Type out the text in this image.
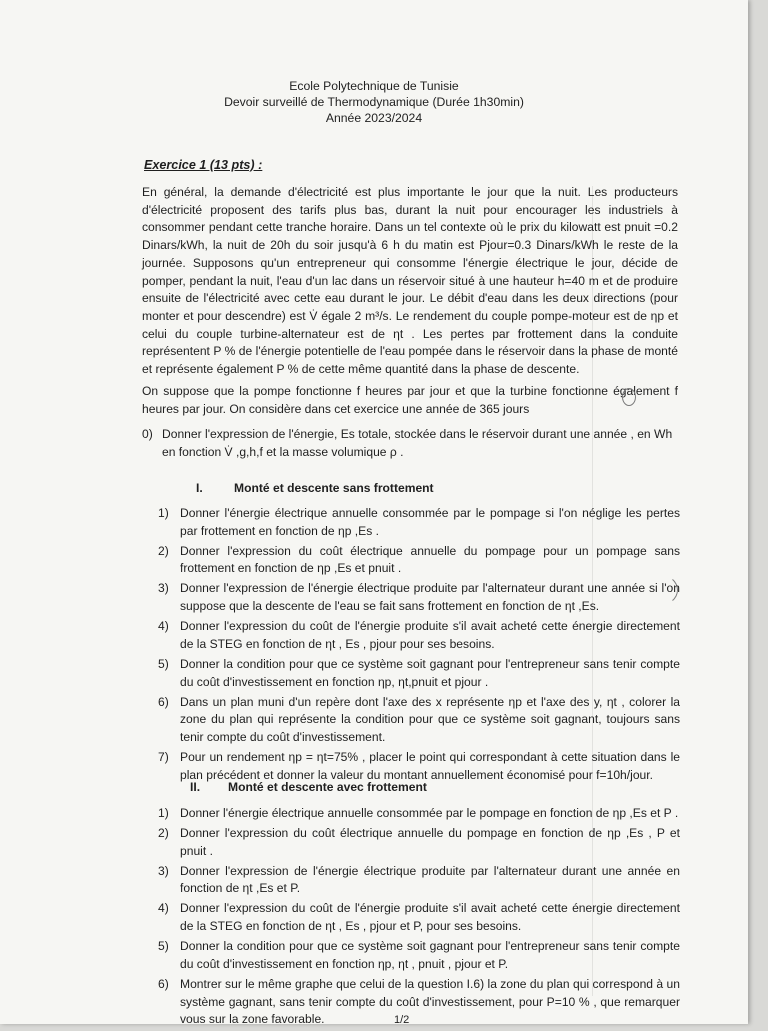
Ecole Polytechnique de Tunisie
Devoir surveillé de Thermodynamique (Durée 1h30min)
Année 2023/2024
Exercice 1 (13 pts) :
En général, la demande d'électricité est plus importante le jour que la nuit. Les producteurs d'électricité proposent des tarifs plus bas, durant la nuit pour encourager les industriels à consommer pendant cette tranche horaire. Dans un tel contexte où le prix du kilowatt est pnuit =0.2 Dinars/kWh, la nuit de 20h du soir jusqu'à 6 h du matin est Pjour=0.3 Dinars/kWh le reste de la journée. Supposons qu'un entrepreneur qui consomme l'énergie électrique le jour, décide de pomper, pendant la nuit, l'eau d'un lac dans un réservoir situé à une hauteur h=40 m et de produire ensuite de l'électricité avec cette eau durant le jour. Le débit d'eau dans les deux directions (pour monter et pour descendre) est V̇ égale 2 m³/s. Le rendement du couple pompe-moteur est de ηp et celui du couple turbine-alternateur est de ηt . Les pertes par frottement dans la conduite représentent P % de l'énergie potentielle de l'eau pompée dans le réservoir dans la phase de monté et représente également P % de cette même quantité dans la phase de descente.
On suppose que la pompe fonctionne f heures par jour et que la turbine fonctionne également f heures par jour. On considère dans cet exercice une année de 365 jours
0) Donner l'expression de l'énergie, Es totale, stockée dans le réservoir durant une année , en Wh en fonction V̇ ,g,h,f et la masse volumique ρ .
I.	Monté et descente sans frottement
1) Donner l'énergie électrique annuelle consommée par le pompage si l'on néglige les pertes par frottement en fonction de ηp ,Es .
2) Donner l'expression du coût électrique annuelle du pompage pour un pompage sans frottement en fonction de ηp ,Es et pnuit .
3) Donner l'expression de l'énergie électrique produite par l'alternateur durant une année si l'on suppose que la descente de l'eau se fait sans frottement en fonction de ηt ,Es.
4) Donner l'expression du coût de l'énergie produite s'il avait acheté cette énergie directement de la STEG en fonction de ηt , Es , pjour pour ses besoins.
5) Donner la condition pour que ce système soit gagnant pour l'entrepreneur sans tenir compte du coût d'investissement en fonction ηp, ηt,pnuit et pjour .
6) Dans un plan muni d'un repère dont l'axe des x représente ηp et l'axe des y, ηt , colorer la zone du plan qui représente la condition pour que ce système soit gagnant, toujours sans tenir compte du coût d'investissement.
7) Pour un rendement ηp = ηt=75% , placer le point qui correspondant à cette situation dans le plan précédent et donner la valeur du montant annuellement économisé pour f=10h/jour.
II. Monté et descente avec frottement
1) Donner l'énergie électrique annuelle consommée par le pompage en fonction de ηp ,Es et P .
2) Donner l'expression du coût électrique annuelle du pompage en fonction de ηp ,Es , P et pnuit .
3) Donner l'expression de l'énergie électrique produite par l'alternateur durant une année en fonction de ηt ,Es et P.
4) Donner l'expression du coût de l'énergie produite s'il avait acheté cette énergie directement de la STEG en fonction de ηt , Es , pjour et P, pour ses besoins.
5) Donner la condition pour que ce système soit gagnant pour l'entrepreneur sans tenir compte du coût d'investissement en fonction ηp, ηt , pnuit , pjour et P.
6) Montrer sur le même graphe que celui de la question I.6) la zone du plan qui correspond à un système gagnant, sans tenir compte du coût d'investissement, pour P=10 % , que remarquer vous sur la zone favorable.	1/2
